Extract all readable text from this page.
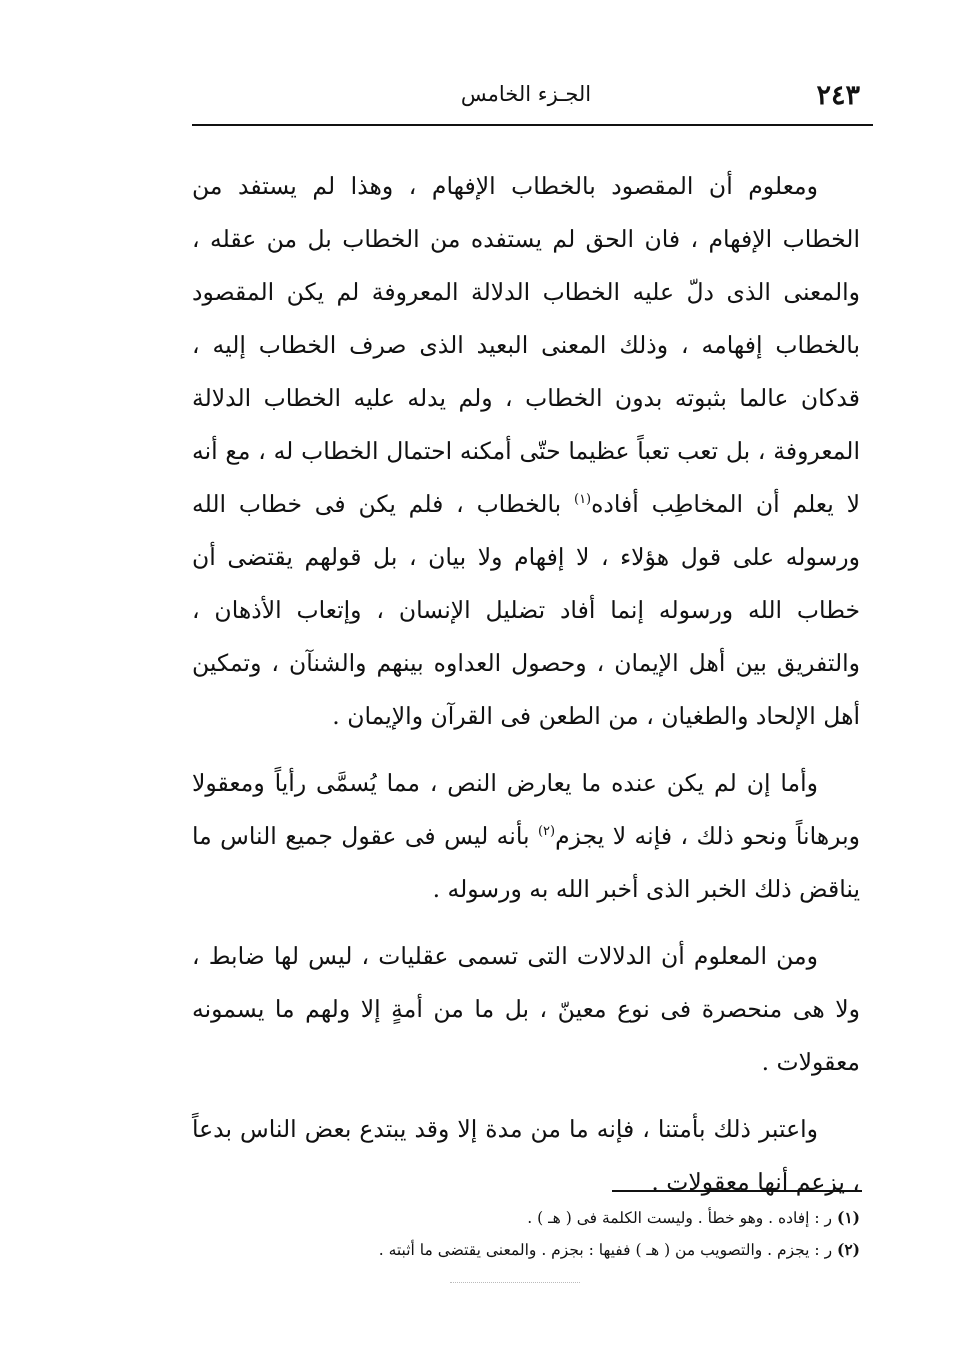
٢٤٣
الجـزء الخامس

ومعلوم أن المقصود بالخطاب الإفهام ، وهذا لم يستفد من الخطاب الإفهام ، فان الحق لم يستفده من الخطاب بل من عقله ، والمعنى الذى دلّ عليه الخطاب الدلالة المعروفة لم يكن المقصود بالخطاب إفهامه ، وذلك المعنى البعيد الذى صرف الخطاب إليه ، قدكان عالما بثبوته بدون الخطاب ، ولم يدله عليه الخطاب الدلالة المعروفة ، بل تعب تعباً عظيما حتّى أمكنه احتمال الخطاب له ، مع أنه لا يعلم أن المخاطِب أفاده$^{(١)}$ بالخطاب ، فلم يكن فى خطاب الله ورسوله على قول هؤلاء ، لا إفهام ولا بيان ، بل قولهم يقتضى أن خطاب الله ورسوله إنما أفاد تضليل الإنسان ، وإتعاب الأذهان ، والتفريق بين أهل الإيمان ، وحصول العداوه بينهم والشنآن ، وتمكين أهل الإلحاد والطغيان ، من الطعن فى القرآن والإيمان .

وأما إن لم يكن عنده ما يعارض النص ، مما يُسمَّى رأياً ومعقولا وبرهاناً ونحو ذلك ، فإنه لا يجزم$^{(٢)}$ بأنه ليس فى عقول جميع الناس ما يناقض ذلك الخبر الذى أخبر الله به ورسوله .

ومن المعلوم أن الدلالات التى تسمى عقليات ، ليس لها ضابط ، ولا هى منحصرة فى نوع معينّ ، بل ما من أمةٍ إلا ولهم ما يسمونه معقولات .

واعتبر ذلك بأمتنا ، فإنه ما من مدة إلا وقد يبتدع بعض الناس بدعاً ، يزعم أنها معقولات .

(١) ر : إفاده . وهو خطأ . وليست الكلمة فى ( هـ ) .

(٢) ر : يجزم . والتصويب من ( هـ ) ففيها : بجزم . والمعنى يقتضى ما أثبته .
